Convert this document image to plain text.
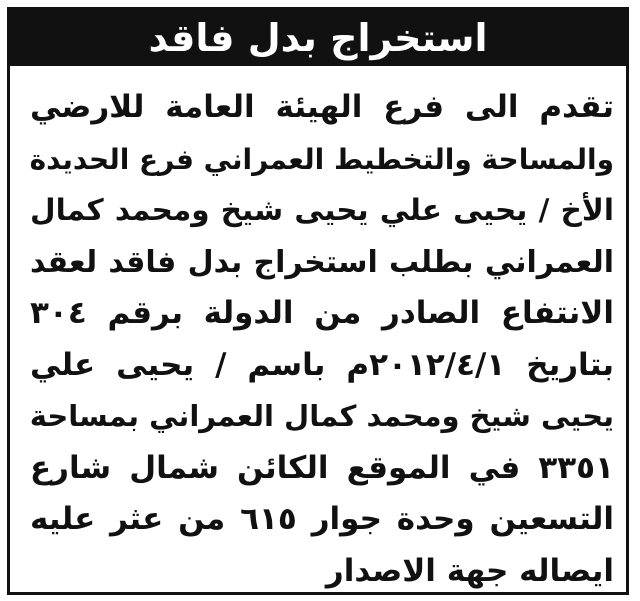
استخراج بدل فاقد
تقدم الى فرع الهيئة العامة للارضي
والمساحة والتخطيط العمراني فرع الحديدة
الأخ / يحيى علي يحيى شيخ ومحمد كمال
العمراني بطلب استخراج بدل فاقد لعقد
الانتفاع الصادر من الدولة برقم ٣٠٤
بتاريخ ٢٠١٢/٤/١م باسم / يحيى علي
يحيى شيخ ومحمد كمال العمراني بمساحة
٣٣٥١ في الموقع الكائن شمال شارع
التسعين وحدة جوار ٦١٥ من عثر عليه
ايصاله جهة الاصدار
